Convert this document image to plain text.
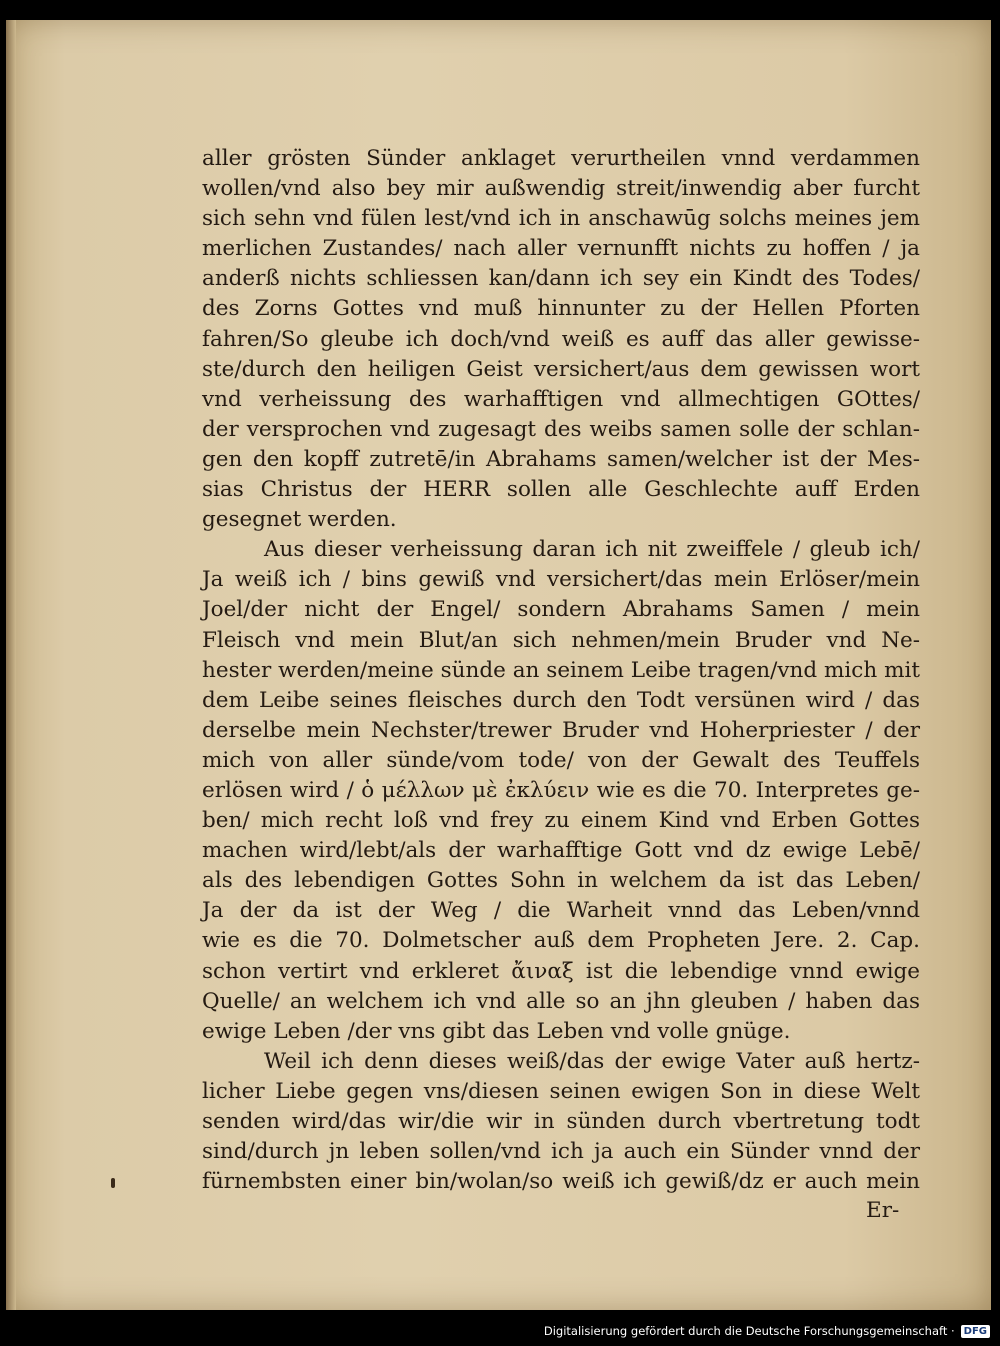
aller grösten Sünder anklaget verurtheilen vnnd verdammen
wollen/vnd also bey mir außwendig streit/inwendig aber furcht
sich sehn vnd fülen lest/vnd ich in anschawūg solchs meines jem
merlichen Zustandes/ nach aller vernunfft nichts zu hoffen / ja
anderß nichts schliessen kan/dann ich sey ein Kindt des Todes/
des Zorns Gottes vnd muß hinnunter zu der Hellen Pforten
fahren/So gleube ich doch/vnd weiß es auff das aller gewisse-
ste/durch den heiligen Geist versichert/aus dem gewissen wort
vnd verheissung des warhafftigen vnd allmechtigen GOttes/
der versprochen vnd zugesagt des weibs samen solle der schlan-
gen den kopff zutretē/in Abrahams samen/welcher ist der Mes-
sias Christus der HERR sollen alle Geschlechte auff Erden
gesegnet werden.
Aus dieser verheissung daran ich nit zweiffele / gleub ich/
Ja weiß ich / bins gewiß vnd versichert/das mein Erlöser/mein
Joel/der nicht der Engel/ sondern Abrahams Samen / mein
Fleisch vnd mein Blut/an sich nehmen/mein Bruder vnd Ne-
hester werden/meine sünde an seinem Leibe tragen/vnd mich mit
dem Leibe seines fleisches durch den Todt versünen wird / das
derselbe mein Nechster/trewer Bruder vnd Hoherpriester / der
mich von aller sünde/vom tode/ von der Gewalt des Teuffels
erlösen wird / ὁ μέλλων μὲ ἐκλύειν wie es die 70. Interpretes ge-
ben/ mich recht loß vnd frey zu einem Kind vnd Erben Gottes
machen wird/lebt/als der warhafftige Gott vnd dz ewige Lebē/
als des lebendigen Gottes Sohn in welchem da ist das Leben/
Ja der da ist der Weg / die Warheit vnnd das Leben/vnnd
wie es die 70. Dolmetscher auß dem Propheten Jere. 2. Cap.
schon vertirt vnd erkleret ἄιναξ ist die lebendige vnnd ewige
Quelle/ an welchem ich vnd alle so an jhn gleuben / haben das
ewige Leben /der vns gibt das Leben vnd volle gnüge.
Weil ich denn dieses weiß/das der ewige Vater auß hertz-
licher Liebe gegen vns/diesen seinen ewigen Son in diese Welt
senden wird/das wir/die wir in sünden durch vbertretung todt
sind/durch jn leben sollen/vnd ich ja auch ein Sünder vnnd der
fürnembsten einer bin/wolan/so weiß ich gewiß/dz er auch mein
Er-
Digitalisierung gefördert durch die Deutsche Forschungsgemeinschaft · DFG
